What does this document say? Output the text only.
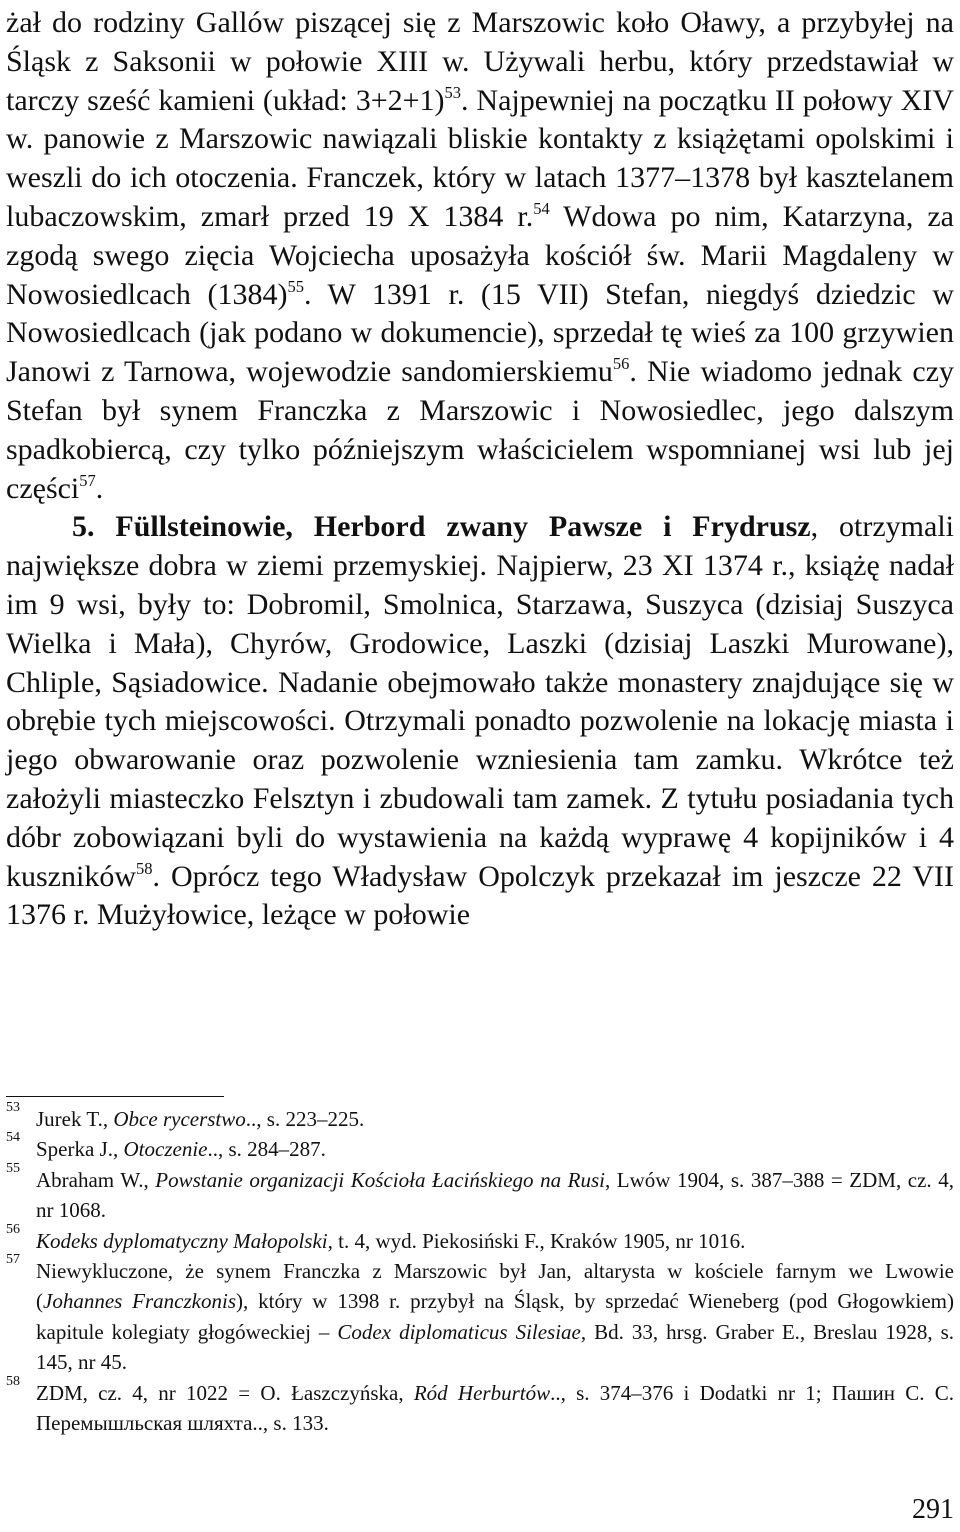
żał do rodziny Gallów piszącej się z Marszowic koło Oławy, a przybyłej na Śląsk z Saksonii w połowie XIII w. Używali herbu, który przedstawiał w tarczy sześć kamieni (układ: 3+2+1)$^{53}$. Najpewniej na początku II połowy XIV w. panowie z Marszowic nawiązali bliskie kontakty z książętami opolskimi i weszli do ich otoczenia. Franczek, który w latach 1377–1378 był kasztelanem lubaczowskim, zmarł przed 19 X 1384 r.$^{54}$ Wdowa po nim, Katarzyna, za zgodą swego zięcia Wojciecha uposażyła kościół św. Marii Magdaleny w Nowosiedlcach $(1384)^{55}$. W 1391 r. (15 VII) Stefan, niegdyś dziedzic w Nowosiedlcach (jak podano w dokumencie), sprzedał tę wieś za 100 grzywien Janowi z Tarnowa, wojewodzie sandomierskiemu$^{56}$. Nie wiadomo jednak czy Stefan był synem Franczka z Marszowic i Nowosiedlec, jego dalszym spadkobiercą, czy tylko późniejszym właścicielem wspomnianej wsi lub jej części$^{57}$.

5. Füllsteinowie, Herbord zwany Pawsze i Frydrusz, otrzymali największe dobra w ziemi przemyskiej. Najpierw, 23 XI 1374 r., książę nadał im 9 wsi, były to: Dobromil, Smolnica, Starzawa, Suszyca (dzisiaj Suszyca Wielka i Mała), Chyrów, Grodowice, Laszki (dzisiaj Laszki Murowane), Chliple, Sąsiadowice. Nadanie obejmowało także monastery znajdujące się w obrębie tych miejscowości. Otrzymali ponadto pozwolenie na lokację miasta i jego obwarowanie oraz pozwolenie wzniesienia tam zamku. Wkrótce też założyli miasteczko Felsztyn i zbudowali tam zamek. Z tytułu posiadania tych dóbr zobowiązani byli do wystawienia na każdą wyprawę 4 kopijników i 4 kuszników$^{58}$. Oprócz tego Władysław Opolczyk przekazał im jeszcze 22 VII 1376 r. Mużyłowice, leżące w połowie

53 Jurek T., Obce rycerstwo.., s. 223–225.
54 Sperka J., Otoczenie.., s. 284–287.
55 Abraham W., Powstanie organizacji Kościoła Łacińskiego na Rusi, Lwów 1904, s. 387–388 = ZDM, cz. 4, nr 1068.
56 Kodeks dyplomatyczny Małopolski, t. 4, wyd. Piekosiński F., Kraków 1905, nr 1016.
57 Niewykluczone, że synem Franczka z Marszowic był Jan, altarysta w kościele farnym we Lwowie (Johannes Franczkonis), który w 1398 r. przybył na Śląsk, by sprzedać Wieneberg (pod Głogowkiem) kapitule kolegiaty głogóweckiej – Codex diplomaticus Silesiae, Bd. 33, hrsg. Graber E., Breslau 1928, s. 145, nr 45.
58 ZDM, cz. 4, nr 1022 = O. Łaszczyńska, Ród Herburtów.., s. 374–376 i Dodatki nr 1; Пашин С. С. Перемышльская шляхта.., s. 133.
291
